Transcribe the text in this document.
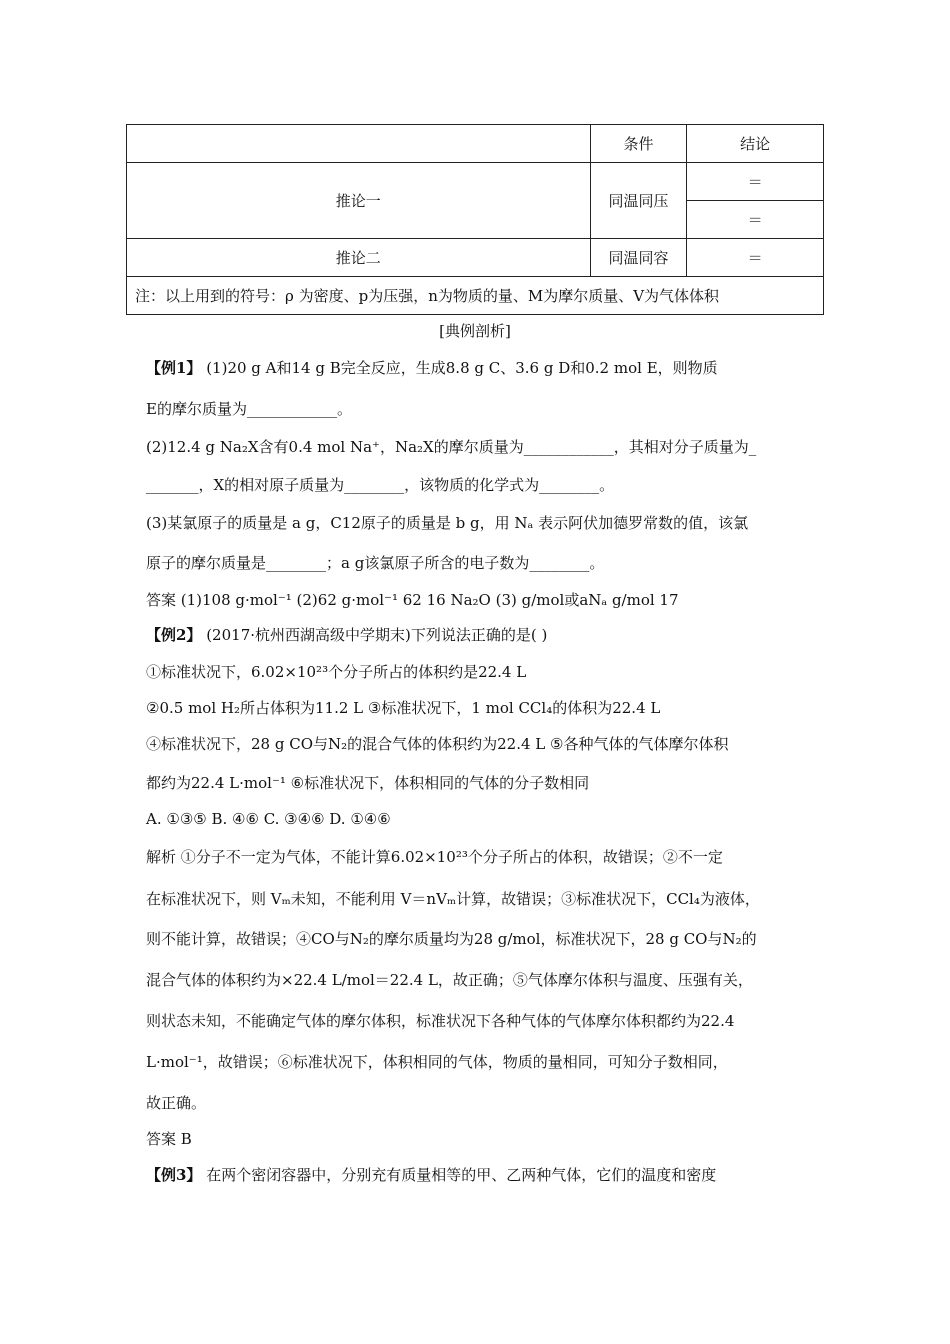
	条件	结论
推论一	同温同压	＝
		＝
推论二	同温同容	＝
注：以上用到的符号：ρ 为密度、p为压强，n为物质的量、M为摩尔质量、V为气体体积		
[典例剖析]
【例1】 (1)20 g A和14 g B完全反应，生成8.8 g C、3.6 g D和0.2 mol E，则物质
E的摩尔质量为____________。
(2)12.4 g Na₂X含有0.4 mol Na⁺，Na₂X的摩尔质量为____________，其相对分子质量为_
_______，X的相对原子质量为________，该物质的化学式为________。
(3)某氯原子的质量是 a g，C12原子的质量是 b g，用 Nₐ 表示阿伏加德罗常数的值，该氯
原子的摩尔质量是________；a g该氯原子所含的电子数为________。
答案 (1)108 g·mol⁻¹ (2)62 g·mol⁻¹ 62 16 Na₂O (3) g/mol或aNₐ g/mol 17
【例2】 (2017·杭州西湖高级中学期末)下列说法正确的是( )
①标准状况下，6.02×10²³个分子所占的体积约是22.4 L
②0.5 mol H₂所占体积为11.2 L ③标准状况下，1 mol CCl₄的体积为22.4 L
④标准状况下，28 g CO与N₂的混合气体的体积约为22.4 L ⑤各种气体的气体摩尔体积
都约为22.4 L·mol⁻¹ ⑥标准状况下，体积相同的气体的分子数相同
A. ①③⑤ B. ④⑥ C. ③④⑥ D. ①④⑥
解析 ①分子不一定为气体，不能计算6.02×10²³个分子所占的体积，故错误；②不一定
在标准状况下，则 Vₘ未知，不能利用 V＝nVₘ计算，故错误；③标准状况下，CCl₄为液体，
则不能计算，故错误；④CO与N₂的摩尔质量均为28 g/mol，标准状况下，28 g CO与N₂的
混合气体的体积约为×22.4 L/mol＝22.4 L，故正确；⑤气体摩尔体积与温度、压强有关，
则状态未知，不能确定气体的摩尔体积，标准状况下各种气体的气体摩尔体积都约为22.4
L·mol⁻¹，故错误；⑥标准状况下，体积相同的气体，物质的量相同，可知分子数相同，
故正确。
答案 B
【例3】 在两个密闭容器中，分别充有质量相等的甲、乙两种气体，它们的温度和密度
